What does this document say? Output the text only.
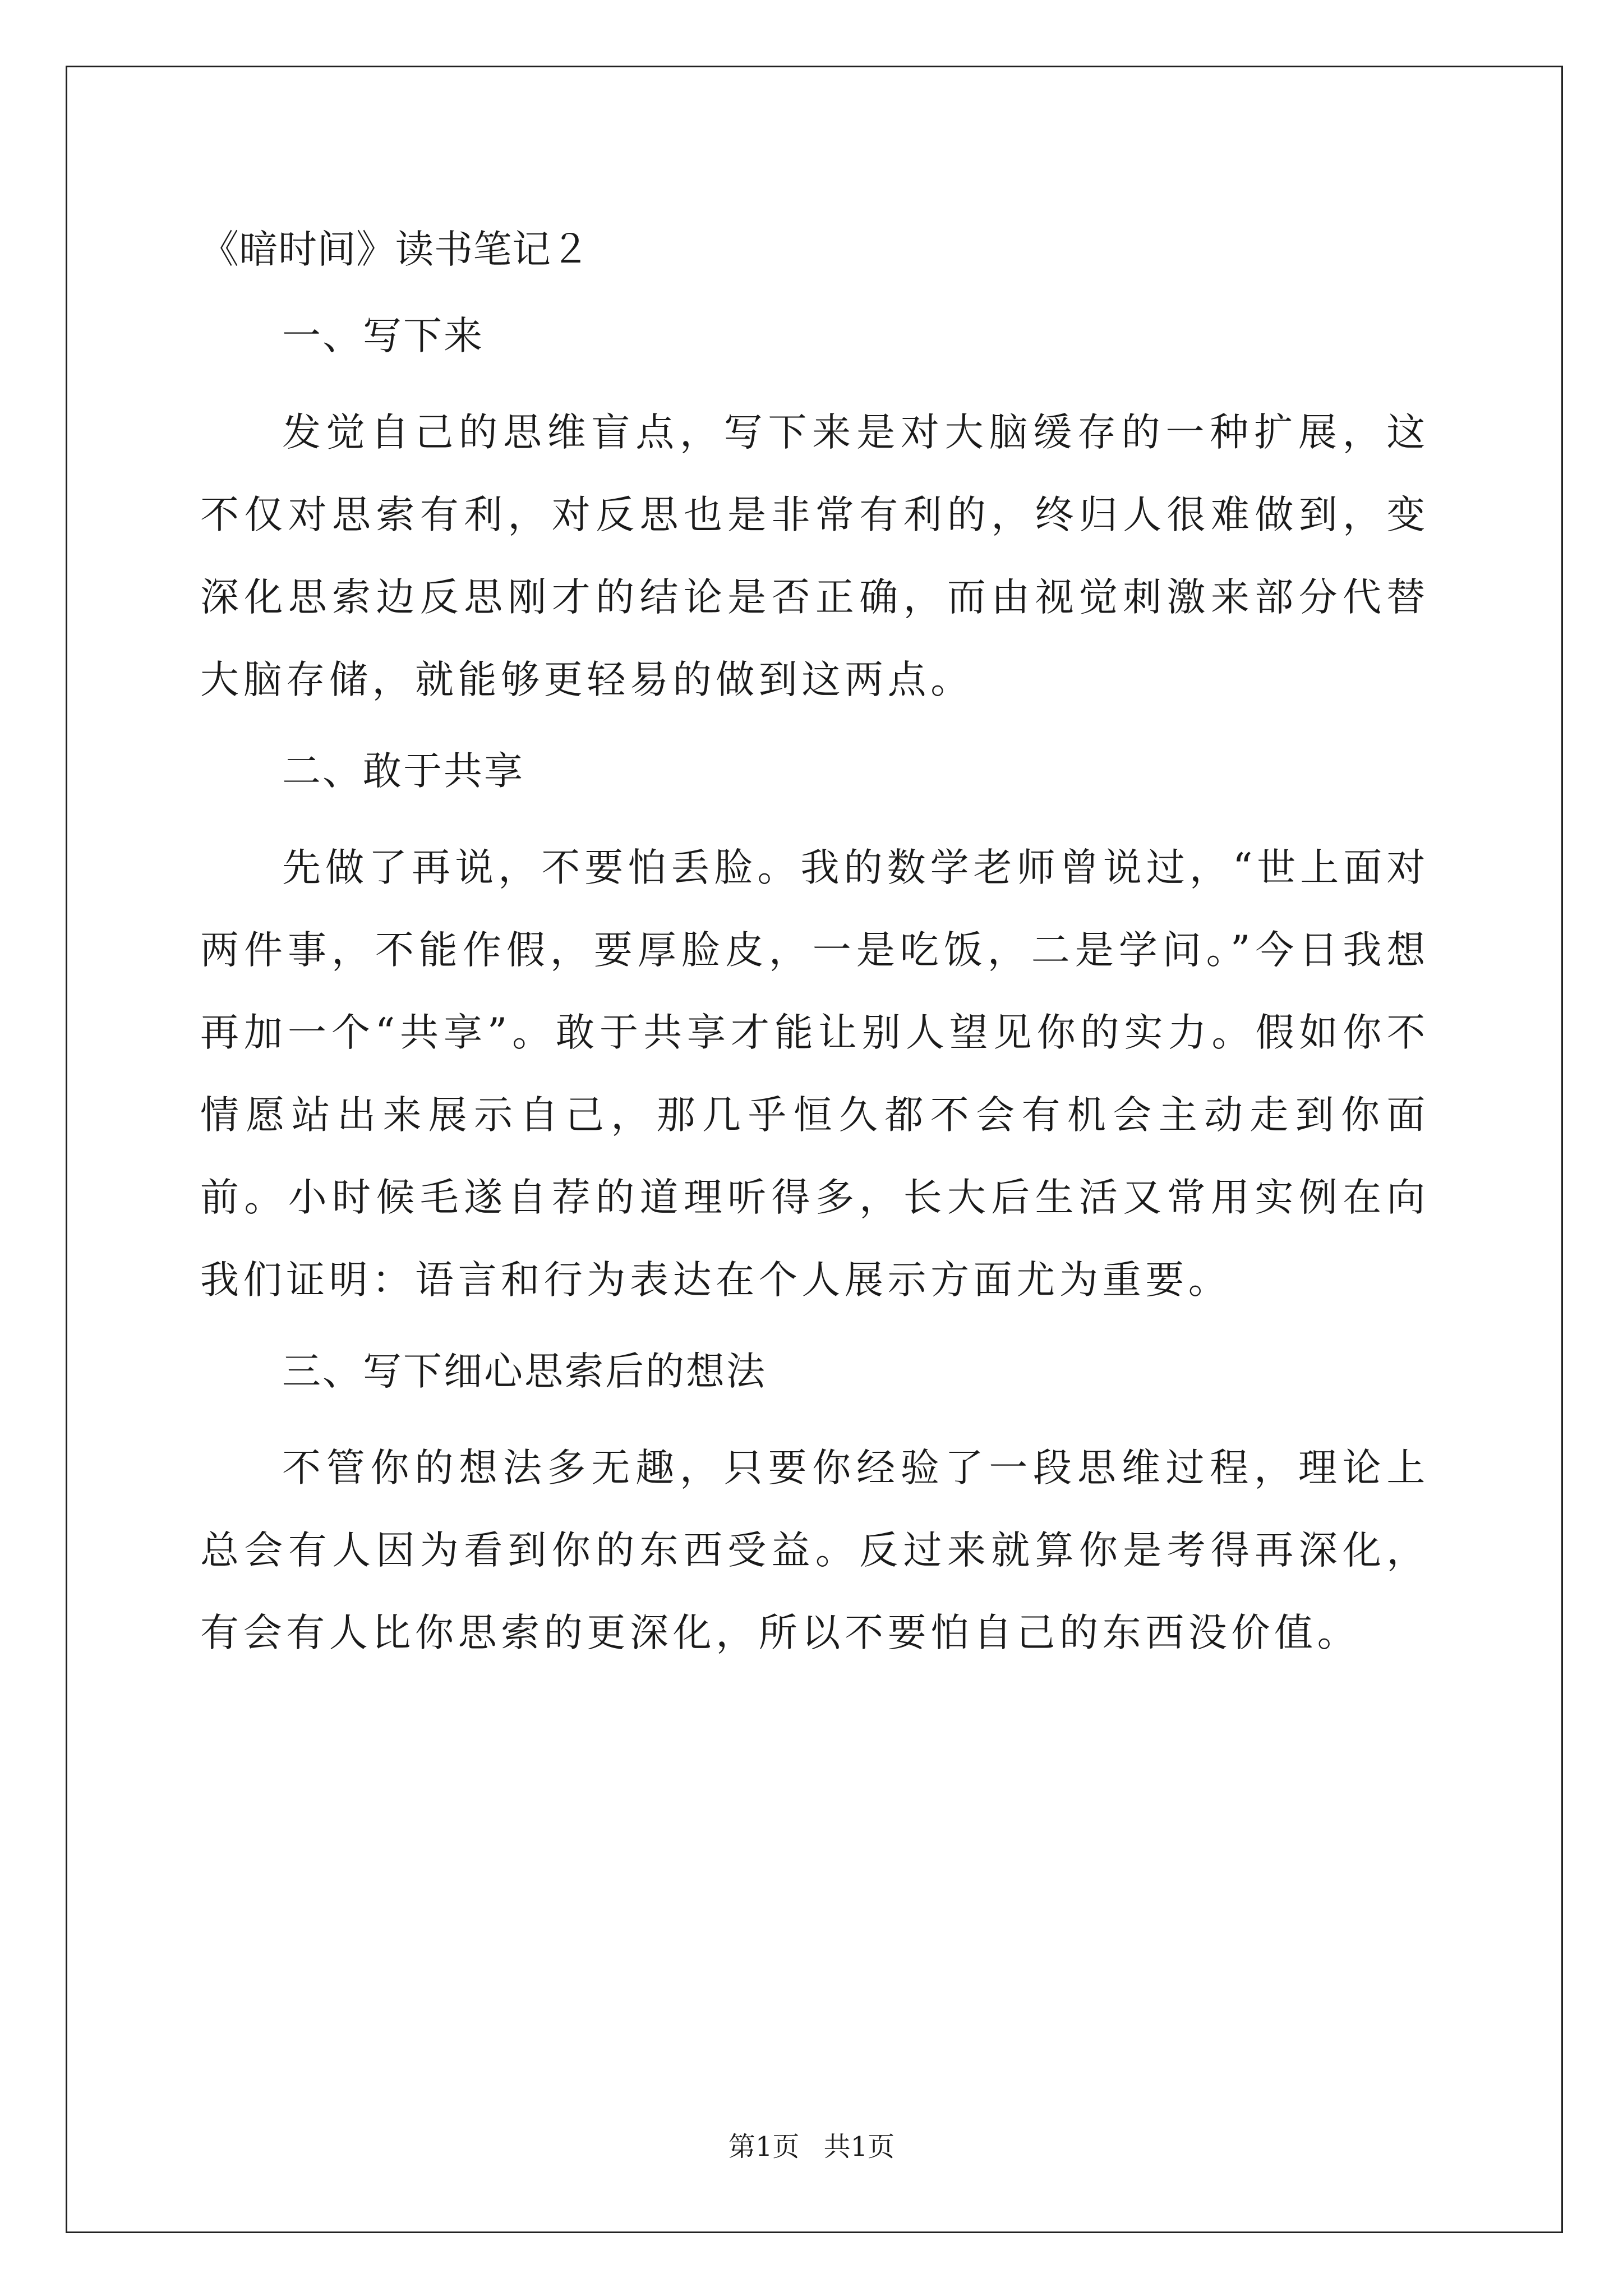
《暗时间》读书笔记２
一、写下来

发觉自己的思维盲点，写下来是对大脑缓存的一种扩展，这不仅对思索有利，对反思也是非常有利的，终归人很难做到，变深化思索边反思刚才的结论是否正确，而由视觉刺激来部分代替大脑存储，就能够更轻易的做到这两点。

二、敢于共享

先做了再说，不要怕丢脸。我的数学老师曾说过，“世上面对两件事，不能作假，要厚脸皮，一是吃饭，二是学问。”今日我想再加一个“共享”。敢于共享才能让别人望见你的实力。假如你不情愿站出来展示自己，那几乎恒久都不会有机会主动走到你面前。小时候毛遂自荐的道理听得多，长大后生活又常用实例在向我们证明：语言和行为表达在个人展示方面尤为重要。

三、写下细心思索后的想法

不管你的想法多无趣，只要你经验了一段思维过程，理论上总会有人因为看到你的东西受益。反过来就算你是考得再深化，有会有人比你思索的更深化，所以不要怕自己的东西没价值。

第1页 共1页
